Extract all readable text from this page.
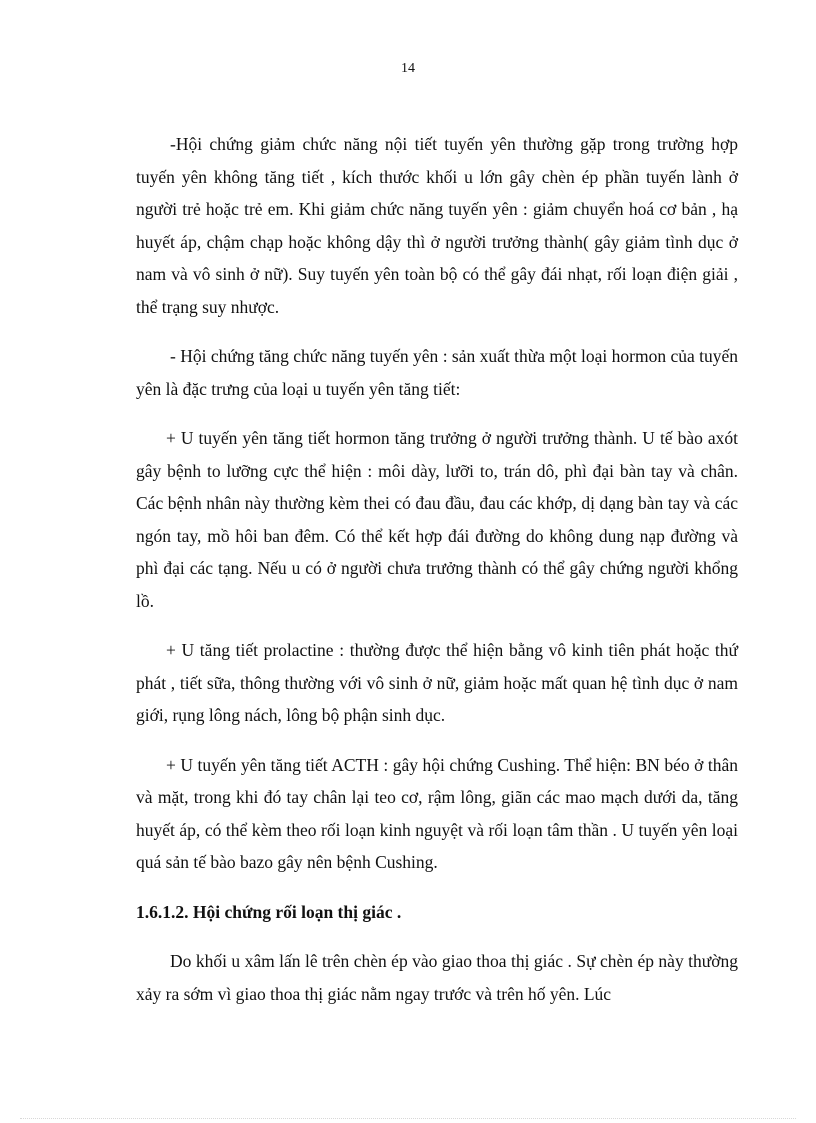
14

-Hội chứng giảm chức năng nội tiết tuyến yên thường gặp trong trường hợp tuyến yên không tăng tiết , kích thước khối u lớn gây chèn ép phần tuyến lành ở người trẻ hoặc trẻ em. Khi giảm chức năng tuyến yên : giảm chuyển hoá cơ bản , hạ huyết áp, chậm chạp hoặc không dậy thì ở người trưởng thành( gây giảm tình dục ở nam và vô sinh ở nữ). Suy tuyến yên toàn bộ có thể gây đái nhạt, rối loạn điện giải , thể trạng suy nhược.

- Hội chứng tăng chức năng tuyến yên : sản xuất thừa một loại hormon của tuyến yên là đặc trưng của loại u tuyến yên tăng tiết:

+ U tuyến yên tăng tiết hormon tăng trưởng ở người trưởng thành. U tế bào axót gây bệnh to lưỡng cực thể hiện : môi dày, lưỡi to, trán dô, phì đại bàn tay và chân. Các bệnh nhân này thường kèm thei có đau đầu, đau các khớp, dị dạng bàn tay và các ngón tay, mồ hôi ban đêm. Có thể kết hợp đái đường do không dung nạp đường và phì đại các tạng. Nếu u có ở người chưa trưởng thành có thể gây chứng người khổng lồ.

+ U tăng tiết prolactine : thường được thể hiện bằng vô kinh tiên phát hoặc thứ phát , tiết sữa, thông thường với vô sinh ở nữ, giảm hoặc mất quan hệ tình dục ở nam giới, rụng lông nách, lông bộ phận sinh dục.

+ U tuyến yên tăng tiết ACTH : gây hội chứng Cushing. Thể hiện: BN béo ở thân và mặt, trong khi đó tay chân lại teo cơ, rậm lông, giãn các mao mạch dưới da, tăng huyết áp, có thể kèm theo rối loạn kinh nguyệt và rối loạn tâm thần . U tuyến yên loại quá sản tế bào bazo gây nên bệnh Cushing.

1.6.1.2. Hội chứng rối loạn thị giác .

Do khối u xâm lấn lê trên chèn ép vào giao thoa thị giác . Sự chèn ép này thường xảy ra sớm vì giao thoa thị giác nằm ngay trước và trên hố yên. Lúc
